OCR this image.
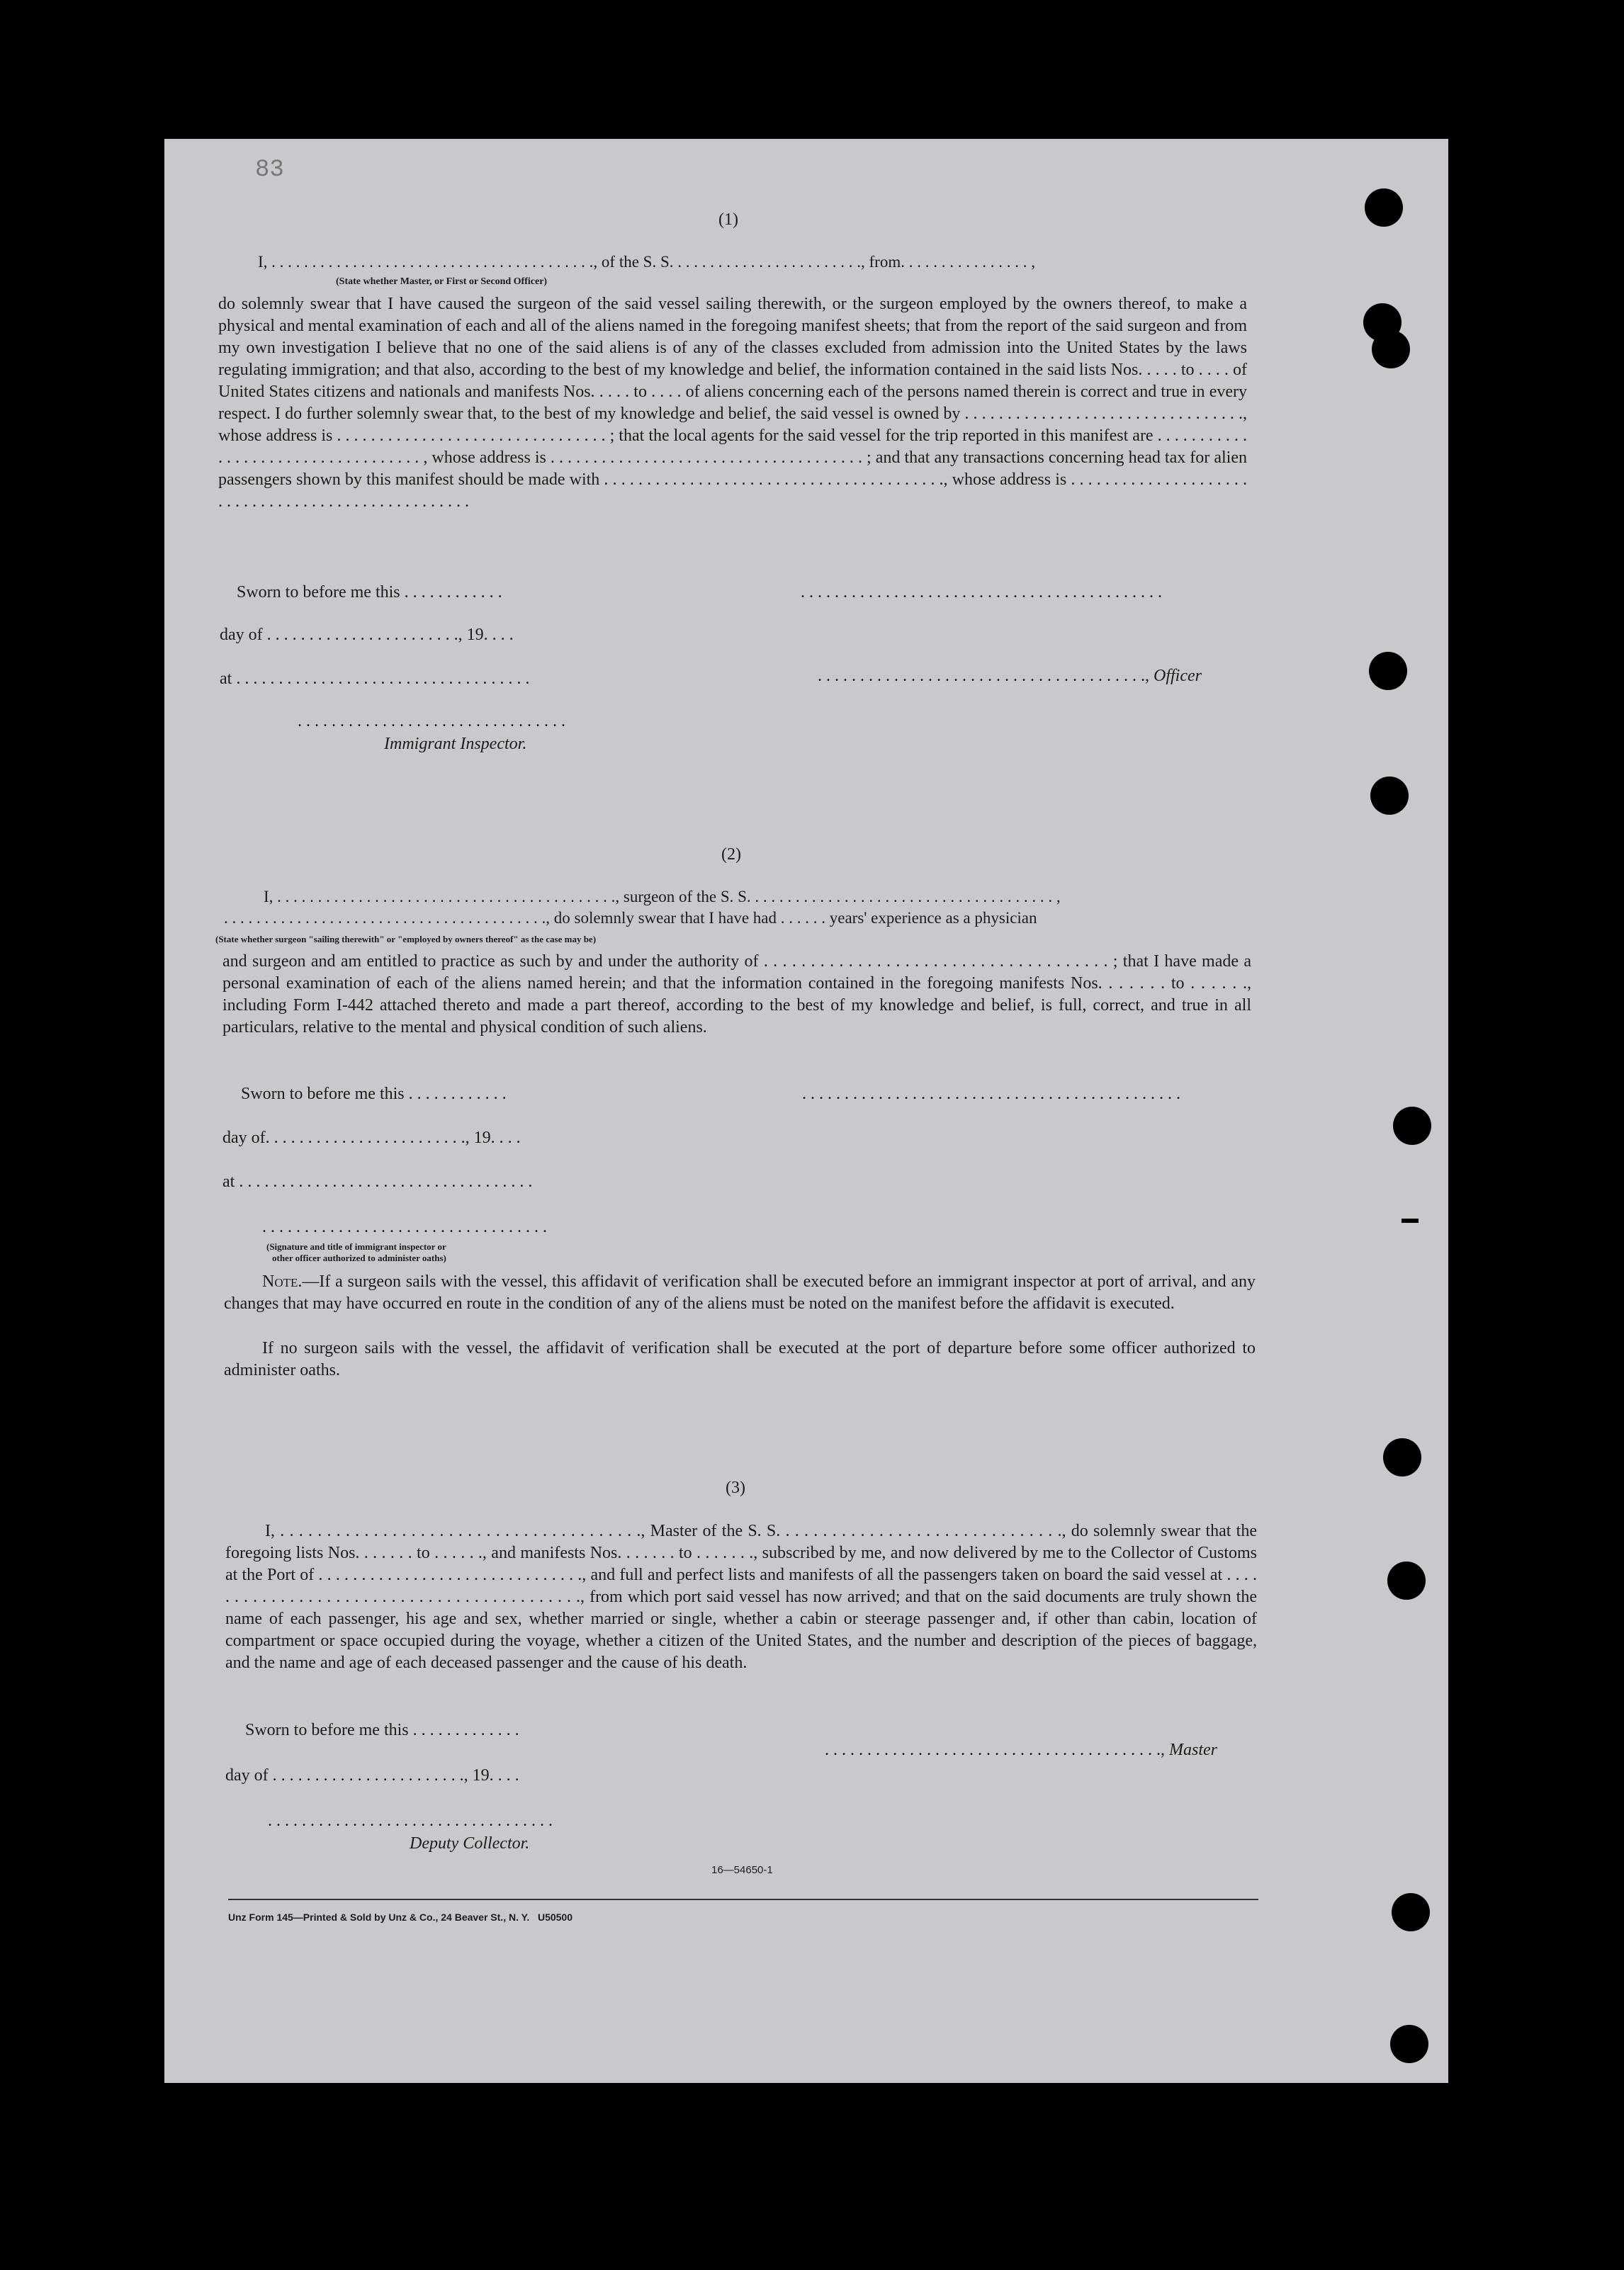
83
(1)
I, . . . . . . . . . . . . . . . . . . . . . . . . . . . . . . . . . . . . . . . ., of the S. S. . . . . . . . . . . . . . . . . . . . . . . ., from. . . . . . . . . . . . . . . . ,
(State whether Master, or First or Second Officer)
do solemnly swear that I have caused the surgeon of the said vessel sailing therewith, or the surgeon employed by the owners thereof, to make a physical and mental examination of each and all of the aliens named in the foregoing manifest sheets; that from the report of the said surgeon and from my own investigation I believe that no one of the said aliens is of any of the classes excluded from admission into the United States by the laws regulating immigration; and that also, according to the best of my knowledge and belief, the information contained in the said lists Nos. . . . . to . . . . of United States citizens and nationals and manifests Nos. . . . . to . . . . of aliens concerning each of the persons named therein is correct and true in every respect. I do further solemnly swear that, to the best of my knowledge and belief, the said vessel is owned by . . . . . . . . . . . . . . . . . . . . . . . . . . . . . . . . ., whose address is . . . . . . . . . . . . . . . . . . . . . . . . . . . . . . . . ; that the local agents for the said vessel for the trip reported in this manifest are . . . . . . . . . . . . . . . . . . . . . . . . . . . . . . . . . . . , whose address is . . . . . . . . . . . . . . . . . . . . . . . . . . . . . . . . . . . . . ; and that any transactions concerning head tax for alien passengers shown by this manifest should be made with . . . . . . . . . . . . . . . . . . . . . . . . . . . . . . . . . . . . . . . ., whose address is . . . . . . . . . . . . . . . . . . . . . . . . . . . . . . . . . . . . . . . . . . . . . . . . . . .
Sworn to before me this . . . . . . . . . . . .
day of . . . . . . . . . . . . . . . . . . . . . . ., 19. . . .
at . . . . . . . . . . . . . . . . . . . . . . . . . . . . . . . . . . .
. . . . . . . . . . . . . . . . . . . . . . . . . . . . . . . . . . . . . . . . . . .

. . . . . . . . . . . . . . . . . . . . . . . . . . . . . . . . . . . . . . ., Officer

. . . . . . . . . . . . . . . . . . . . . . . . . . . . . . . .
Immigrant Inspector.
(2)
I, . . . . . . . . . . . . . . . . . . . . . . . . . . . . . . . . . . . . . . . . . ., surgeon of the S. S. . . . . . . . . . . . . . . . . . . . . . . . . . . . . . . . . . . . . . ,
. . . . . . . . . . . . . . . . . . . . . . . . . . . . . . . . . . . . . . . ., do solemnly swear that I have had . . . . . . years' experience as a physician
(State whether surgeon "sailing therewith" or "employed by owners thereof" as the case may be)
and surgeon and am entitled to practice as such by and under the authority of . . . . . . . . . . . . . . . . . . . . . . . . . . . . . . . . . . . . . ; that I have made a personal examination of each of the aliens named herein; and that the information contained in the foregoing manifests Nos. . . . . . . to . . . . . ., including Form I-442 attached thereto and made a part thereof, according to the best of my knowledge and belief, is full, correct, and true in all particulars, relative to the mental and physical condition of such aliens.
Sworn to before me this . . . . . . . . . . . .
day of. . . . . . . . . . . . . . . . . . . . . . . ., 19. . . .
at . . . . . . . . . . . . . . . . . . . . . . . . . . . . . . . . . . .
. . . . . . . . . . . . . . . . . . . . . . . . . . . . . . . . . . . . . . . . . . . . .
. . . . . . . . . . . . . . . . . . . . . . . . . . . . . . . . . .
(Signature and title of immigrant inspector or
other officer authorized to administer oaths)
Note.—If a surgeon sails with the vessel, this affidavit of verification shall be executed before an immigrant inspector at port of arrival, and any changes that may have occurred en route in the condition of any of the aliens must be noted on the manifest before the affidavit is executed.
If no surgeon sails with the vessel, the affidavit of verification shall be executed at the port of departure before some officer authorized to administer oaths.
(3)
I, . . . . . . . . . . . . . . . . . . . . . . . . . . . . . . . . . . . . . . ., Master of the S. S. . . . . . . . . . . . . . . . . . . . . . . . . . . . . . ., do solemnly swear that the foregoing lists Nos. . . . . . . to . . . . . ., and manifests Nos. . . . . . . to . . . . . . ., subscribed by me, and now delivered by me to the Collector of Customs at the Port of . . . . . . . . . . . . . . . . . . . . . . . . . . . . . . ., and full and perfect lists and manifests of all the passengers taken on board the said vessel at . . . . . . . . . . . . . . . . . . . . . . . . . . . . . . . . . . . . . . . . . . ., from which port said vessel has now arrived; and that on the said documents are truly shown the name of each passenger, his age and sex, whether married or single, whether a cabin or steerage passenger and, if other than cabin, location of compartment or space occupied during the voyage, whether a citizen of the United States, and the number and description of the pieces of baggage, and the name and age of each deceased passenger and the cause of his death.
Sworn to before me this . . . . . . . . . . . . .
day of . . . . . . . . . . . . . . . . . . . . . . ., 19. . . .

. . . . . . . . . . . . . . . . . . . . . . . . . . . . . . . . . . . . . . . ., Master

. . . . . . . . . . . . . . . . . . . . . . . . . . . . . . . . . .
Deputy Collector.
16—54650-1
Unz Form 145—Printed & Sold by Unz & Co., 24 Beaver St., N. Y.   U50500
